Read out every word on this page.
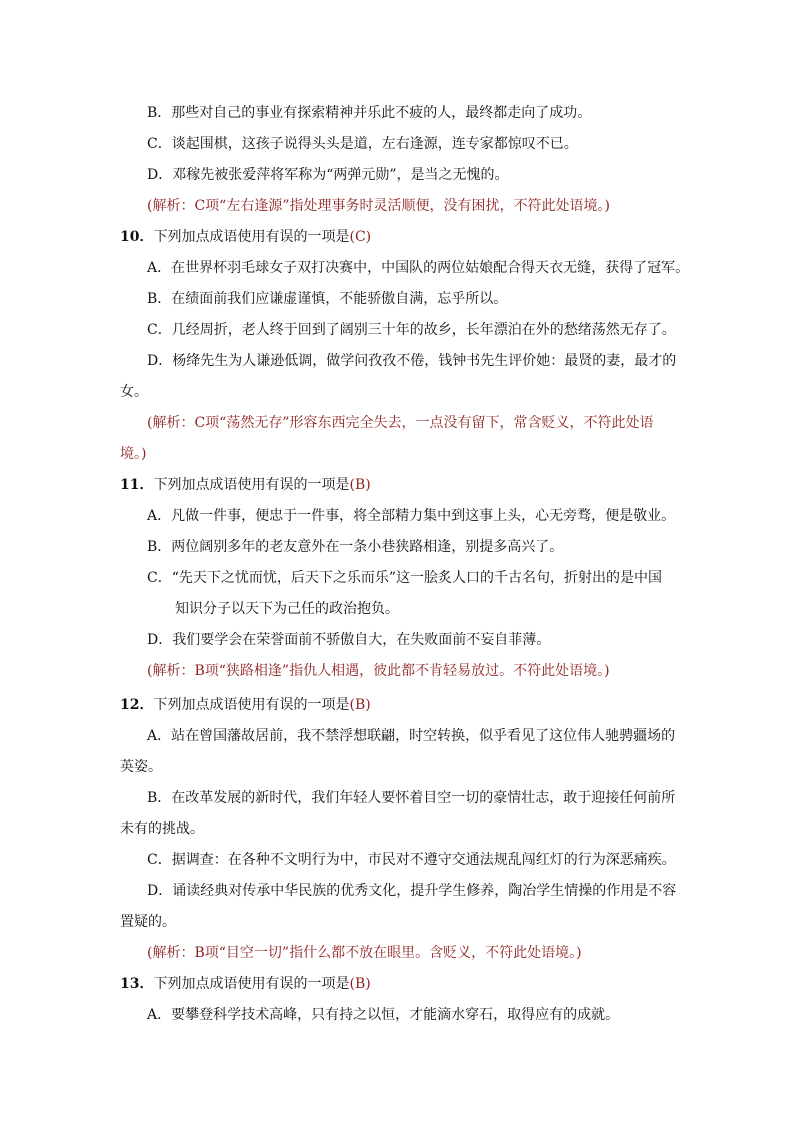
B．那些对自己的事业有探索精神并乐此不疲的人，最终都走向了成功。
C．谈起围棋，这孩子说得头头是道，左右逢源，连专家都惊叹不已。
D．邓稼先被张爱萍将军称为“两弹元勋”，是当之无愧的。
(解析：C项“左右逢源”指处理事务时灵活顺便，没有困扰，不符此处语境。)
10．下列加点成语使用有误的一项是(C)
A．在世界杯羽毛球女子双打决赛中，中国队的两位姑娘配合得天衣无缝，获得了冠军。
B．在绩面前我们应谦虚谨慎，不能骄傲自满，忘乎所以。
C．几经周折，老人终于回到了阔别三十年的故乡，长年漂泊在外的愁绪荡然无存了。
D．杨绛先生为人谦逊低调，做学问孜孜不倦，钱钟书先生评价她：最贤的妻，最才的
女。
(解析：C项“荡然无存”形容东西完全失去，一点没有留下，常含贬义，不符此处语
境。)
11．下列加点成语使用有误的一项是(B)
A．凡做一件事，便忠于一件事，将全部精力集中到这事上头，心无旁骛，便是敬业。
B．两位阔别多年的老友意外在一条小巷狭路相逢，别提多高兴了。
C．“先天下之忧而忧，后天下之乐而乐”这一脍炙人口的千古名句，折射出的是中国
知识分子以天下为己任的政治抱负。
D．我们要学会在荣誉面前不骄傲自大，在失败面前不妄自菲薄。
(解析：B项“狭路相逢”指仇人相遇，彼此都不肯轻易放过。不符此处语境。)
12．下列加点成语使用有误的一项是(B)
A．站在曾国藩故居前，我不禁浮想联翩，时空转换，似乎看见了这位伟人驰骋疆场的
英姿。
B．在改革发展的新时代，我们年轻人要怀着目空一切的豪情壮志，敢于迎接任何前所
未有的挑战。
C．据调查：在各种不文明行为中，市民对不遵守交通法规乱闯红灯的行为深恶痛疾。
D．诵读经典对传承中华民族的优秀文化，提升学生修养，陶冶学生情操的作用是不容
置疑的。
(解析：B项“目空一切”指什么都不放在眼里。含贬义，不符此处语境。)
13．下列加点成语使用有误的一项是(B)
A．要攀登科学技术高峰，只有持之以恒，才能滴水穿石，取得应有的成就。
